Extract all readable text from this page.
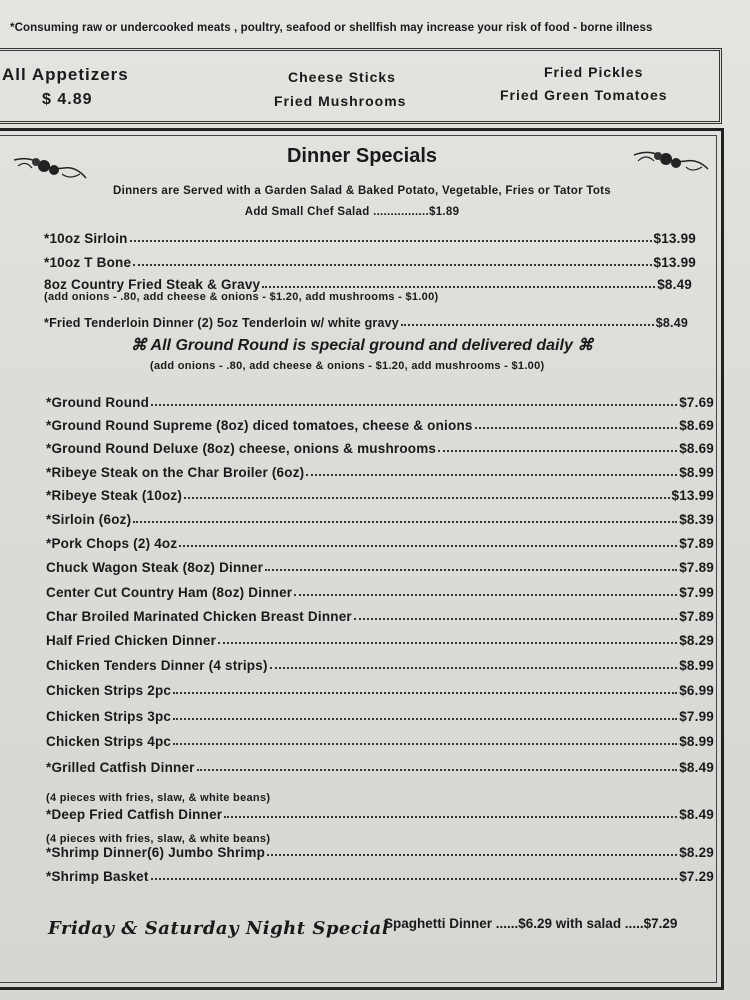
*Consuming raw or undercooked meats , poultry, seafood or shellfish may increase your risk of food - borne illness
All Appetizers
$ 4.89
Cheese Sticks
Fried Mushrooms
Fried Pickles
Fried Green Tomatoes
Dinner Specials
Dinners are Served with a Garden Salad & Baked Potato, Vegetable, Fries or Tator Tots
Add Small Chef Salad ................$1.89
*10oz Sirloin	$13.99
*10oz T Bone	$13.99
8oz Country Fried Steak & Gravy	$8.49
(add onions - .80, add cheese & onions - $1.20, add mushrooms - $1.00)
*Fried Tenderloin Dinner (2) 5oz Tenderloin w/ white gravy	$8.49
⌘ All Ground Round is special ground and delivered daily ⌘
(add onions - .80, add cheese & onions - $1.20, add mushrooms - $1.00)
*Ground Round	$7.69
*Ground Round Supreme (8oz) diced tomatoes, cheese & onions	$8.69
*Ground Round Deluxe (8oz) cheese, onions & mushrooms	$8.69
*Ribeye Steak on the Char Broiler (6oz)	$8.99
*Ribeye Steak (10oz)	$13.99
*Sirloin (6oz)	$8.39
*Pork Chops (2) 4oz	$7.89
Chuck Wagon Steak (8oz) Dinner	$7.89
Center Cut Country Ham (8oz) Dinner	$7.99
Char Broiled Marinated Chicken Breast Dinner	$7.89
Half Fried Chicken Dinner	$8.29
Chicken Tenders Dinner (4 strips)	$8.99
Chicken Strips 2pc	$6.99
Chicken Strips 3pc	$7.99
Chicken Strips 4pc	$8.99
*Grilled Catfish Dinner	$8.49
*Deep Fried Catfish Dinner	$8.49
*Shrimp Dinner(6) Jumbo Shrimp	$8.29
*Shrimp Basket	$7.29
(4 pieces with fries, slaw, & white beans)
(4 pieces with fries, slaw, & white beans)
Friday & Saturday Night Special
Spaghetti Dinner ......$6.29 with salad .....$7.29
